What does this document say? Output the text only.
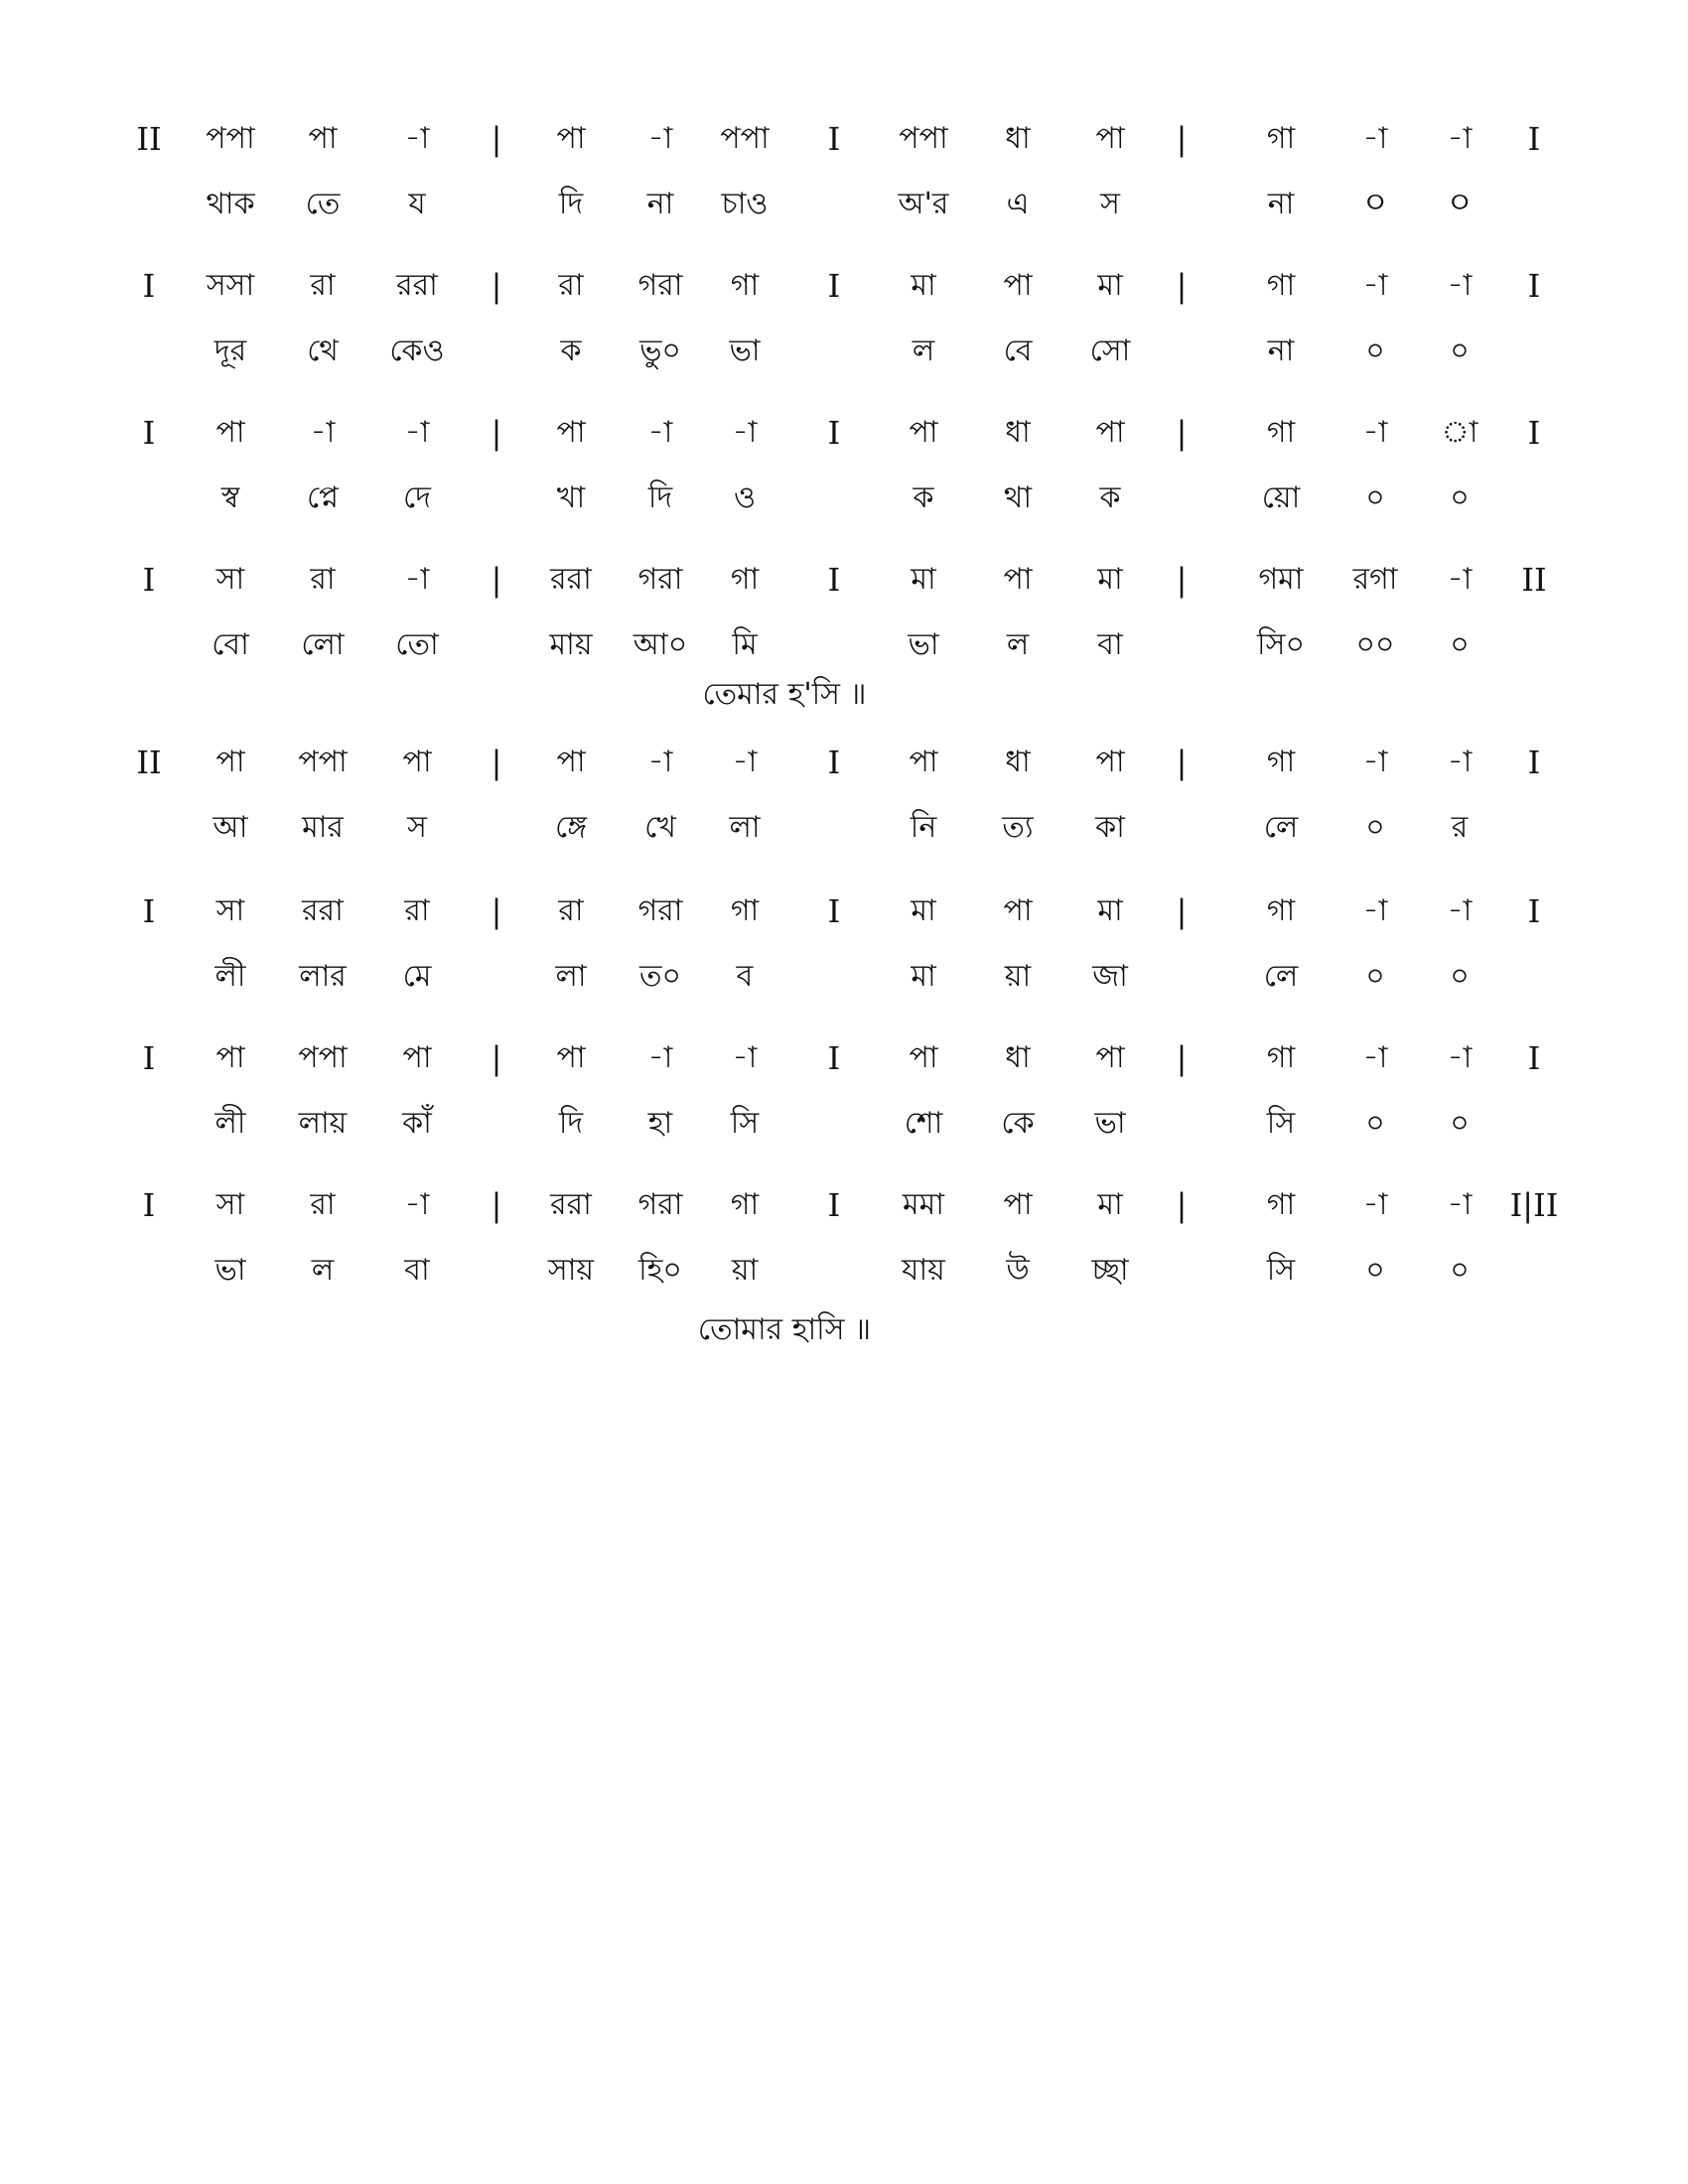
II পপা পা -া | পা -া পপা I পপা ধা পা |	গা -া -া I
থাক তে য	দি না চাও	অ'র এ স	না ㅇ ㅇ
I সসা রা ররা | রা গরা গা I মা পা মা |	গা -া -া I
দূর থে কেও	ক ভু০ ভা	ল বে সো	না ০ ০
I পা -া -া | পা -া -া I পা ধা পা |	গা -া া I
স্ব প্নে দে	খা দি ও	ক থা ক	য়ো ০ ০
I সা রা -া | ররা গরা গা I মা পা মা | গমা রগা -া II
বো লো তো	মায় আ০ মি	ভা ল বা	সি০ ০০ ০
তেমার হ'সি ॥
II পা পপা পা | পা -া -া I পা ধা পা |	গা -া -া I
আ মার স	ঙ্গে খে লা	নি ত্য কা	লে ০ র
I সা ররা রা | রা গরা গা I মা পা মা |	গা -া -া I
লী লার মে	লা ত০ ব	মা য়া জা	লে ০ ০
I পা পপা পা | পা -া -া I পা ধা পা |	গা -া -া I
লী লায় কাঁ	দি হা সি	শো কে ভা	সি ০ ০
I সা রা -া | ররা গরা গা I মমা পা মা |	গা -া -া I|II
ভা ল বা	সায় হি০ য়া	যায় উ চ্ছা	সি ০ ০
তোমার হাসি ॥
